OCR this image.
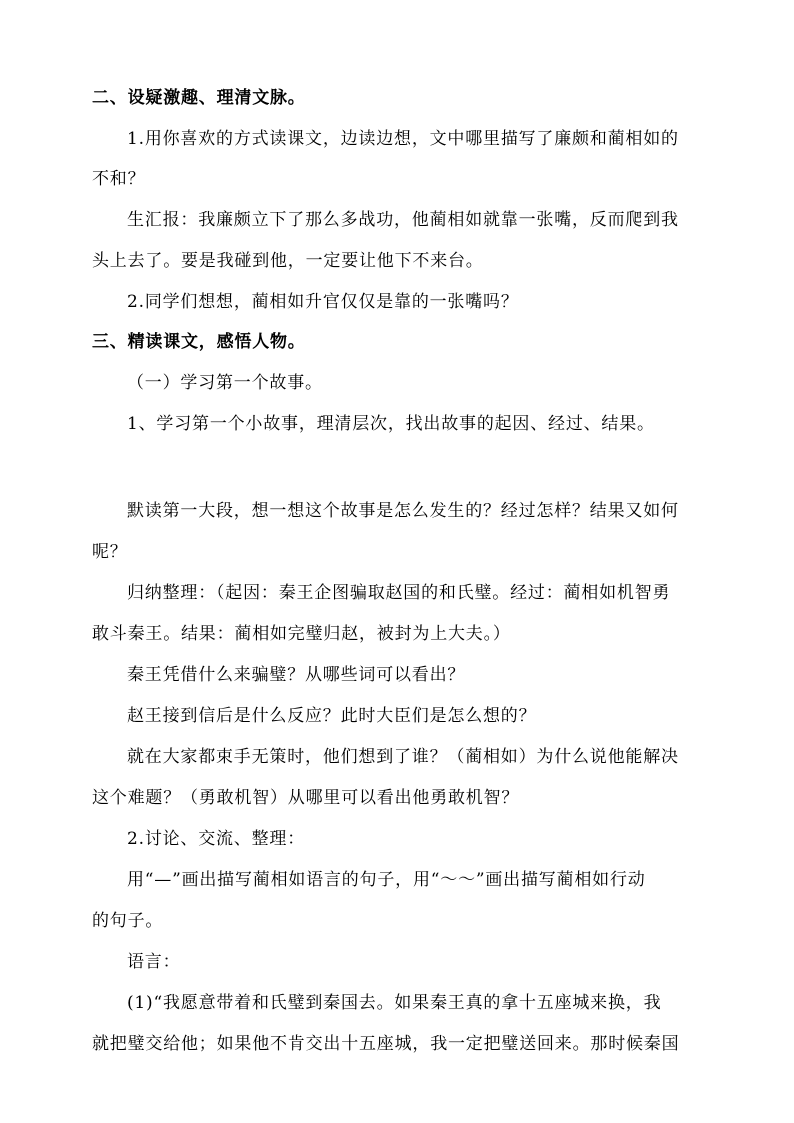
二、设疑激趣、理清文脉。
1.用你喜欢的方式读课文，边读边想，文中哪里描写了廉颇和蔺相如的
不和？
生汇报：我廉颇立下了那么多战功，他蔺相如就靠一张嘴，反而爬到我
头上去了。要是我碰到他，一定要让他下不来台。
2.同学们想想，蔺相如升官仅仅是靠的一张嘴吗？
三、精读课文，感悟人物。
（一）学习第一个故事。
1、学习第一个小故事，理清层次，找出故事的起因、经过、结果。
默读第一大段，想一想这个故事是怎么发生的？经过怎样？结果又如何
呢？
归纳整理：（起因：秦王企图骗取赵国的和氏璧。经过：蔺相如机智勇
敢斗秦王。结果：蔺相如完璧归赵，被封为上大夫。）
秦王凭借什么来骗璧？从哪些词可以看出？
赵王接到信后是什么反应？此时大臣们是怎么想的？
就在大家都束手无策时，他们想到了谁？（蔺相如）为什么说他能解决
这个难题？（勇敢机智）从哪里可以看出他勇敢机智？
2.讨论、交流、整理：
用“—”画出描写蔺相如语言的句子，用“～～”画出描写蔺相如行动
的句子。
语言：
(1)“我愿意带着和氏璧到秦国去。如果秦王真的拿十五座城来换，我
就把璧交给他；如果他不肯交出十五座城，我一定把璧送回来。那时候秦国
